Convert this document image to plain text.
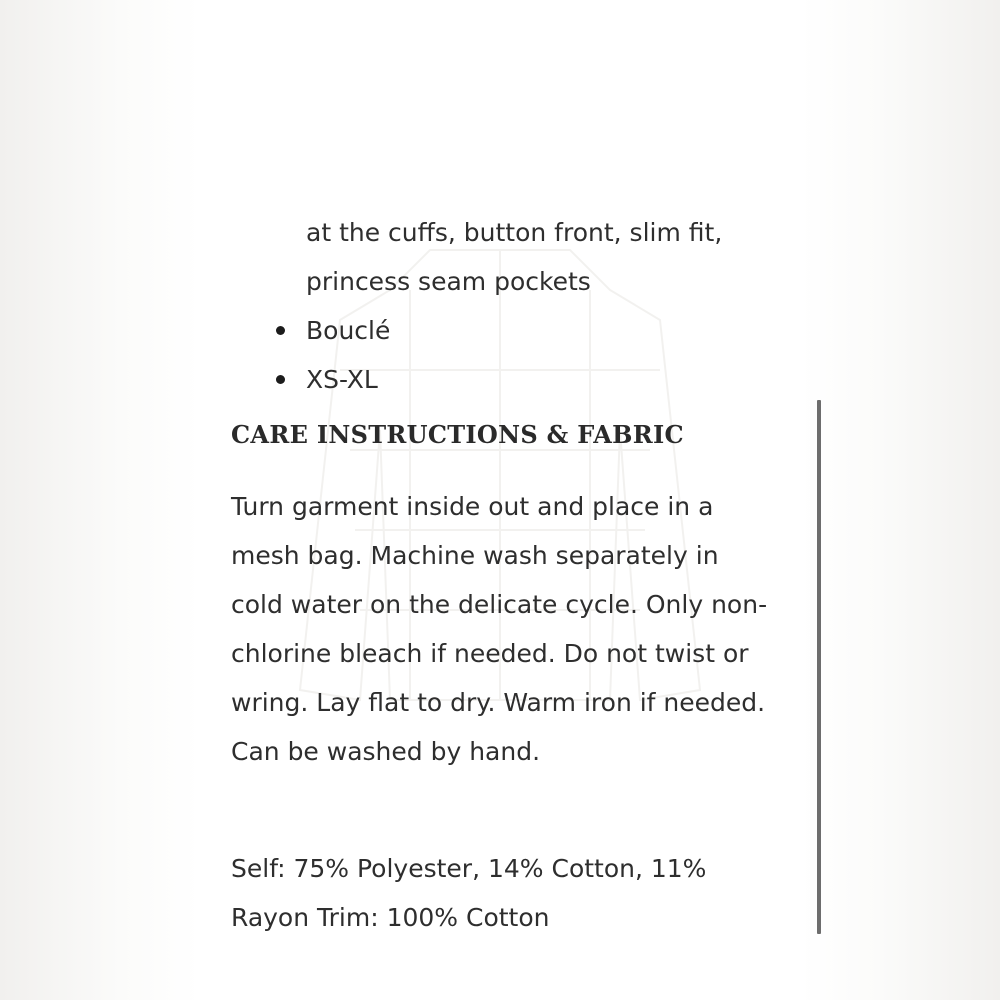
at the cuffs, button front, slim fit, princess seam pockets
Bouclé
XS-XL
CARE INSTRUCTIONS & FABRIC

Turn garment inside out and place in a mesh bag. Machine wash separately in cold water on the delicate cycle. Only non-chlorine bleach if needed. Do not twist or wring. Lay flat to dry. Warm iron if needed. Can be washed by hand.

Self: 75% Polyester, 14% Cotton, 11% Rayon Trim: 100% Cotton
